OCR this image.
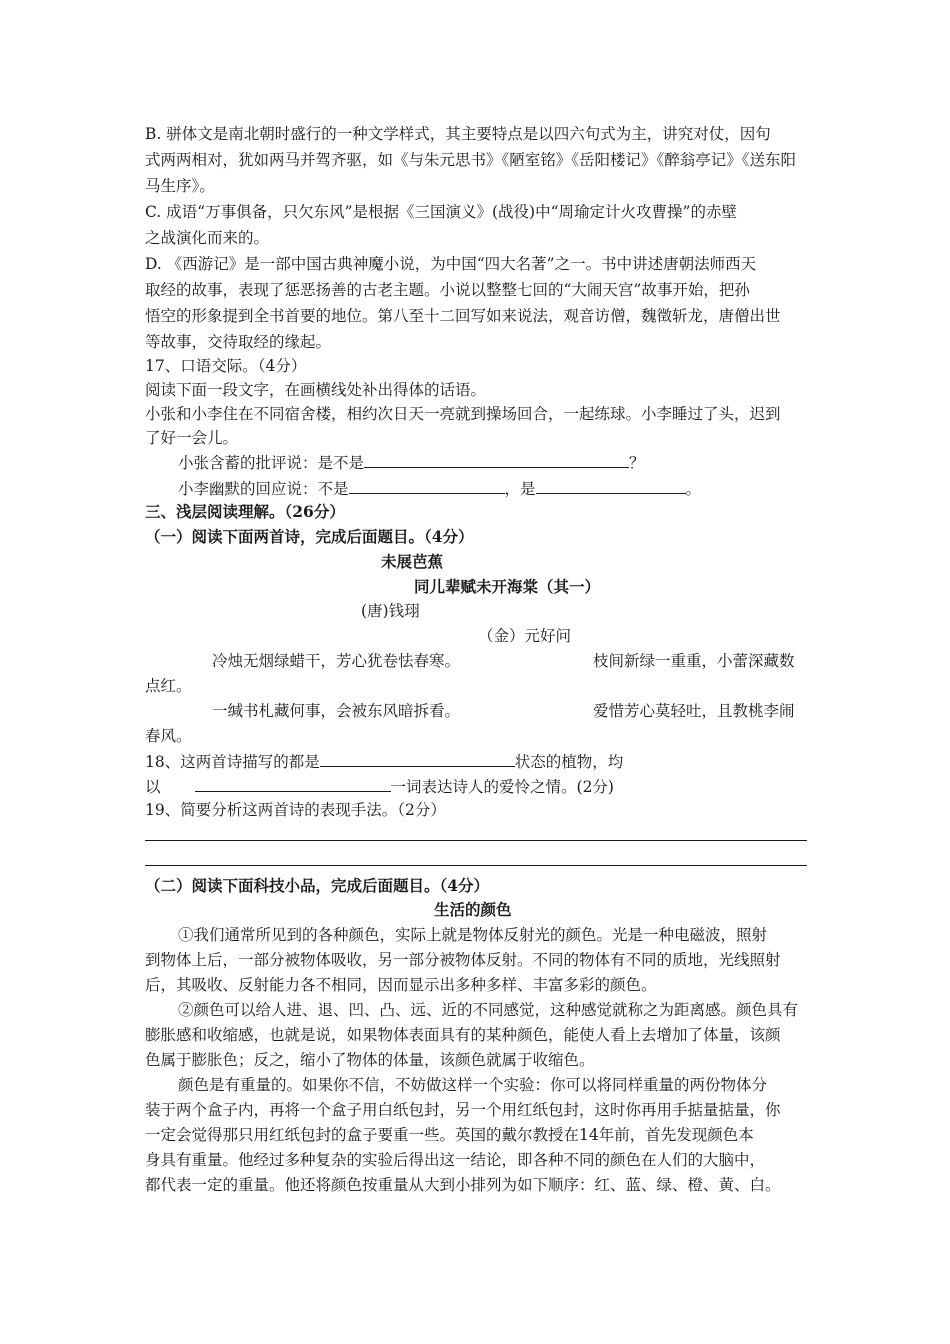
B. 骈体文是南北朝时盛行的一种文学样式，其主要特点是以四六句式为主，讲究对仗，因句
式两两相对，犹如两马并驾齐驱，如《与朱元思书》《陋室铭》《岳阳楼记》《醉翁亭记》《送东阳
马生序》。
C. 成语“万事俱备，只欠东风”是根据《三国演义》(战役)中“周瑜定计火攻曹操”的赤壁
之战演化而来的。
D. 《西游记》是一部中国古典神魔小说，为中国“四大名著”之一。书中讲述唐朝法师西天
取经的故事，表现了惩恶扬善的古老主题。小说以整整七回的“大闹天宫”故事开始，把孙
悟空的形象提到全书首要的地位。第八至十二回写如来说法，观音访僧，魏徵斩龙，唐僧出世
等故事，交待取经的缘起。
17、口语交际。（4分）
阅读下面一段文字，在画横线处补出得体的话语。
小张和小李住在不同宿舍楼，相约次日天一亮就到操场回合，一起练球。小李睡过了头，迟到
了好一会儿。
小张含蓄的批评说：是不是	？
小李幽默的回应说：不是	，是	。
三、浅层阅读理解。（26分）
（一）阅读下面两首诗，完成后面题目。（4分）
未展芭蕉
同儿辈赋未开海棠（其一）
(唐)钱珝
（金）元好问
冷烛无烟绿蜡干，芳心犹卷怯春寒。	枝间新绿一重重，小蕾深藏数
点红。
一缄书札藏何事，会被东风暗拆看。	爱惜芳心莫轻吐，且教桃李闹
春风。
18、这两首诗描写的都是	状态的植物，均
以	一词表达诗人的爱怜之情。(2分)
19、简要分析这两首诗的表现手法。（2分）
（二）阅读下面科技小品，完成后面题目。（4分）
生活的颜色
①我们通常所见到的各种颜色，实际上就是物体反射光的颜色。光是一种电磁波，照射
到物体上后，一部分被物体吸收，另一部分被物体反射。不同的物体有不同的质地，光线照射
后，其吸收、反射能力各不相同，因而显示出多种多样、丰富多彩的颜色。
②颜色可以给人进、退、凹、凸、远、近的不同感觉，这种感觉就称之为距离感。颜色具有
膨胀感和收缩感，也就是说，如果物体表面具有的某种颜色，能使人看上去增加了体量，该颜
色属于膨胀色；反之，缩小了物体的体量，该颜色就属于收缩色。
颜色是有重量的。如果你不信，不妨做这样一个实验：你可以将同样重量的两份物体分
装于两个盒子内，再将一个盒子用白纸包封，另一个用红纸包封，这时你再用手掂量掂量，你
一定会觉得那只用红纸包封的盒子要重一些。英国的戴尔教授在14年前，首先发现颜色本
身具有重量。他经过多种复杂的实验后得出这一结论，即各种不同的颜色在人们的大脑中，
都代表一定的重量。他还将颜色按重量从大到小排列为如下顺序：红、蓝、绿、橙、黄、白。
